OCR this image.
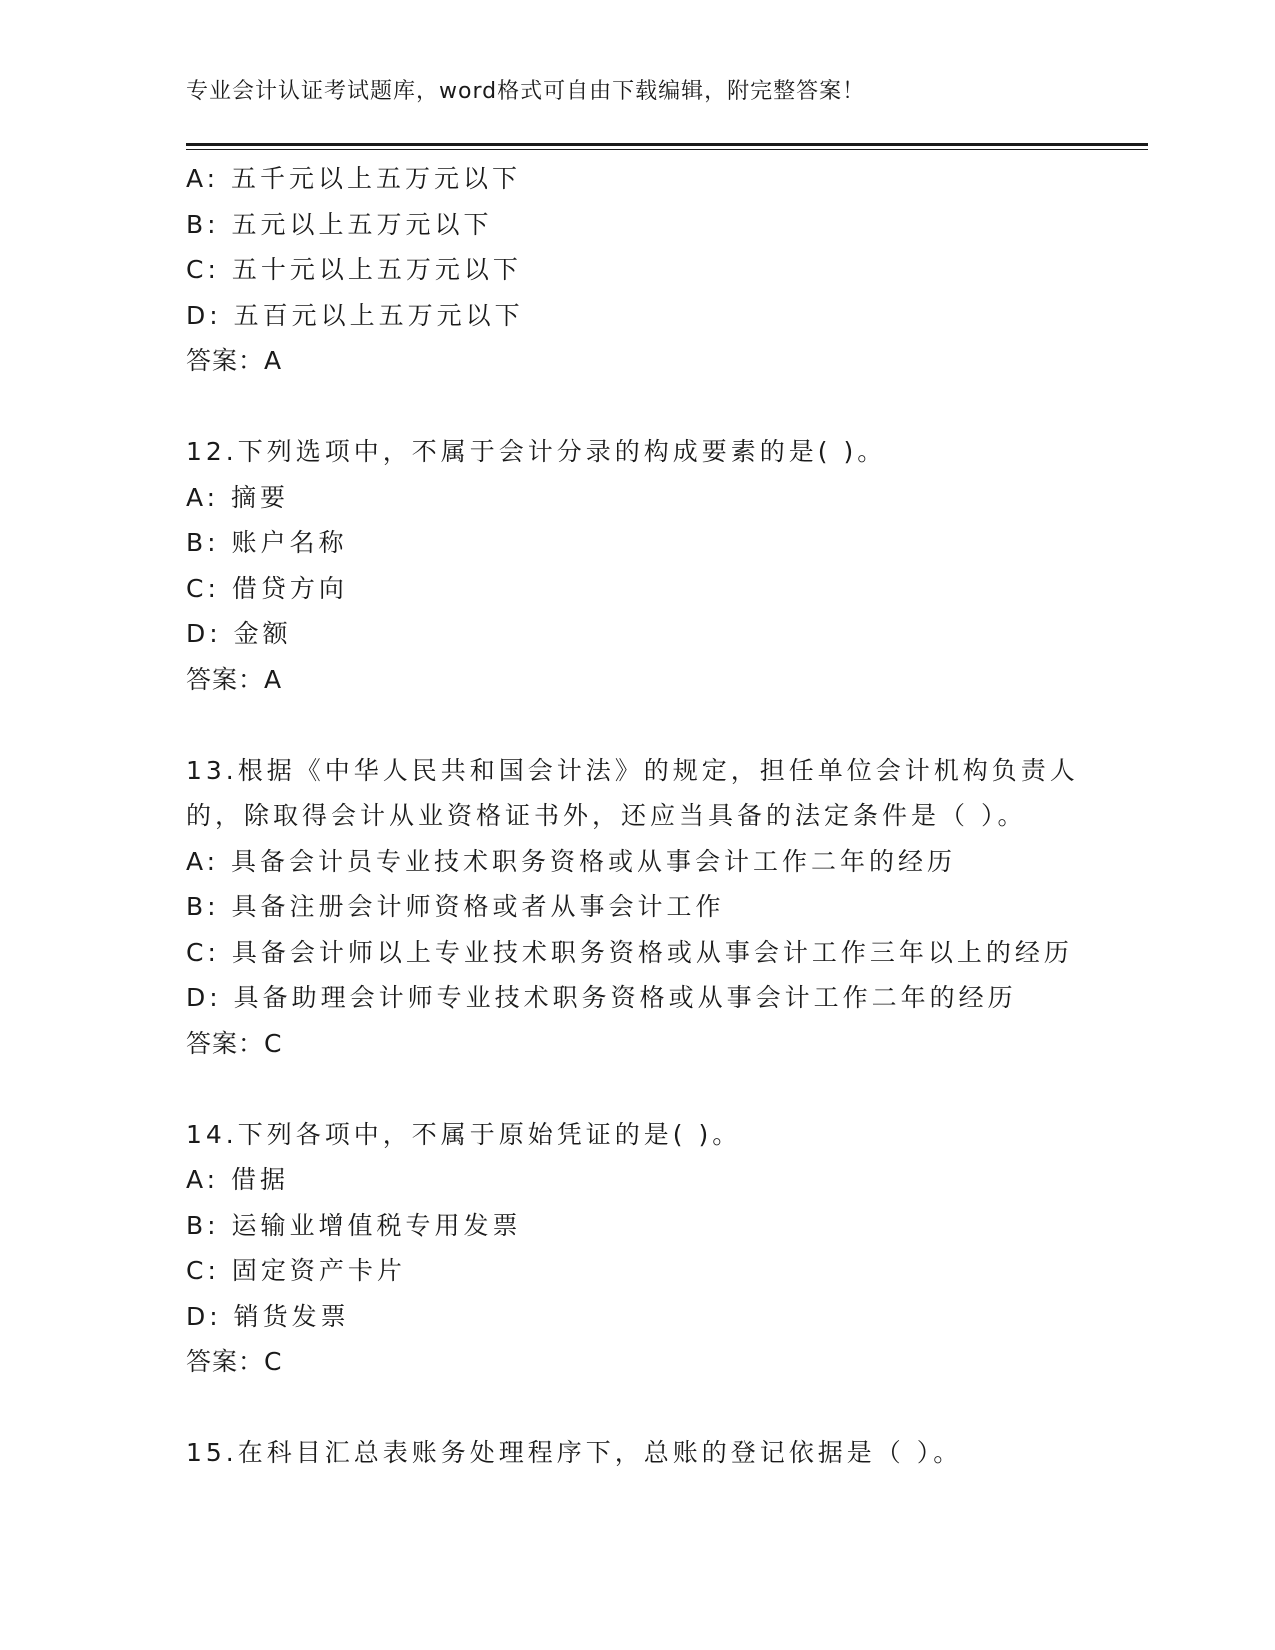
专业会计认证考试题库，word格式可自由下载编辑，附完整答案！
A: 五千元以上五万元以下
B: 五元以上五万元以下
C: 五十元以上五万元以下
D: 五百元以上五万元以下
答案：A
12.下列选项中，不属于会计分录的构成要素的是( )。
A: 摘要
B: 账户名称
C: 借贷方向
D: 金额
答案：A
13.根据《中华人民共和国会计法》的规定，担任单位会计机构负责人
的，除取得会计从业资格证书外，还应当具备的法定条件是（ ）。
A: 具备会计员专业技术职务资格或从事会计工作二年的经历
B: 具备注册会计师资格或者从事会计工作
C: 具备会计师以上专业技术职务资格或从事会计工作三年以上的经历
D: 具备助理会计师专业技术职务资格或从事会计工作二年的经历
答案：C
14.下列各项中，不属于原始凭证的是( )。
A: 借据
B: 运输业增值税专用发票
C: 固定资产卡片
D: 销货发票
答案：C
15.在科目汇总表账务处理程序下，总账的登记依据是（ ）。
